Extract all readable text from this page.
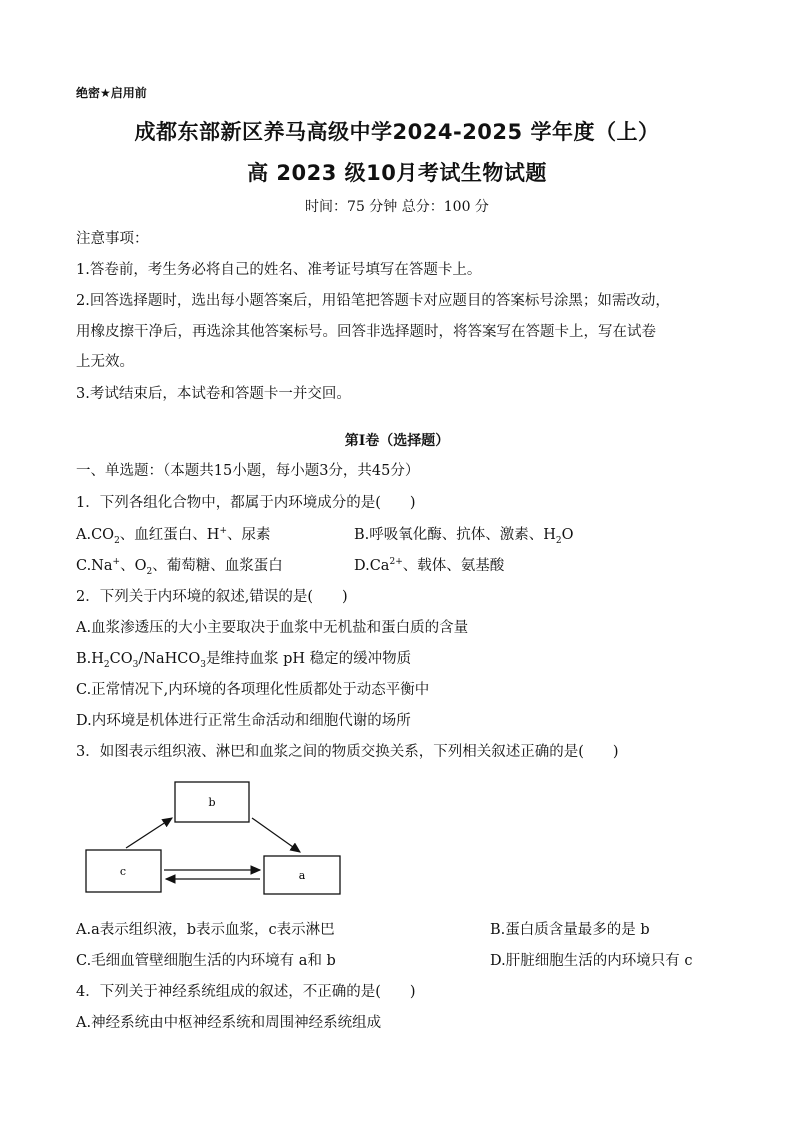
绝密★启用前
成都东部新区养马高级中学2024-2025 学年度（上）
高 2023 级10月考试生物试题
时间：75 分钟 总分：100 分
注意事项：
1.答卷前，考生务必将自己的姓名、准考证号填写在答题卡上。
2.回答选择题时，选出每小题答案后，用铅笔把答题卡对应题目的答案标号涂黑；如需改动，
用橡皮擦干净后，再选涂其他答案标号。回答非选择题时，将答案写在答题卡上，写在试卷
上无效。
3.考试结束后，本试卷和答题卡一并交回。
第Ⅰ卷（选择题）
一、单选题：（本题共15小题，每小题3分，共45分）
1．下列各组化合物中，都属于内环境成分的是(　　)
$A.CO_2$、血红蛋白、H+、尿素	B.呼吸氧化酶、抗体、激素、$H_2O$
C.Na+、$O_2$、葡萄糖、血浆蛋白	$D.Ca^{2+}$、载体、氨基酸
2．下列关于内环境的叙述,错误的是(　　)
A.血浆渗透压的大小主要取决于血浆中无机盐和蛋白质的含量
$B.H_2CO_3/NaHCO_3$是维持血浆 pH 稳定的缓冲物质
C.正常情况下,内环境的各项理化性质都处于动态平衡中
D.内环境是机体进行正常生命活动和细胞代谢的场所
3．如图表示组织液、淋巴和血浆之间的物质交换关系，下列相关叙述正确的是(　　)
b
c	a
A.a表示组织液，b表示血浆，c表示淋巴	B.蛋白质含量最多的是 b
C.毛细血管壁细胞生活的内环境有 a和 b	D.肝脏细胞生活的内环境只有 c
4．下列关于神经系统组成的叙述，不正确的是(　　)
A.神经系统由中枢神经系统和周围神经系统组成
